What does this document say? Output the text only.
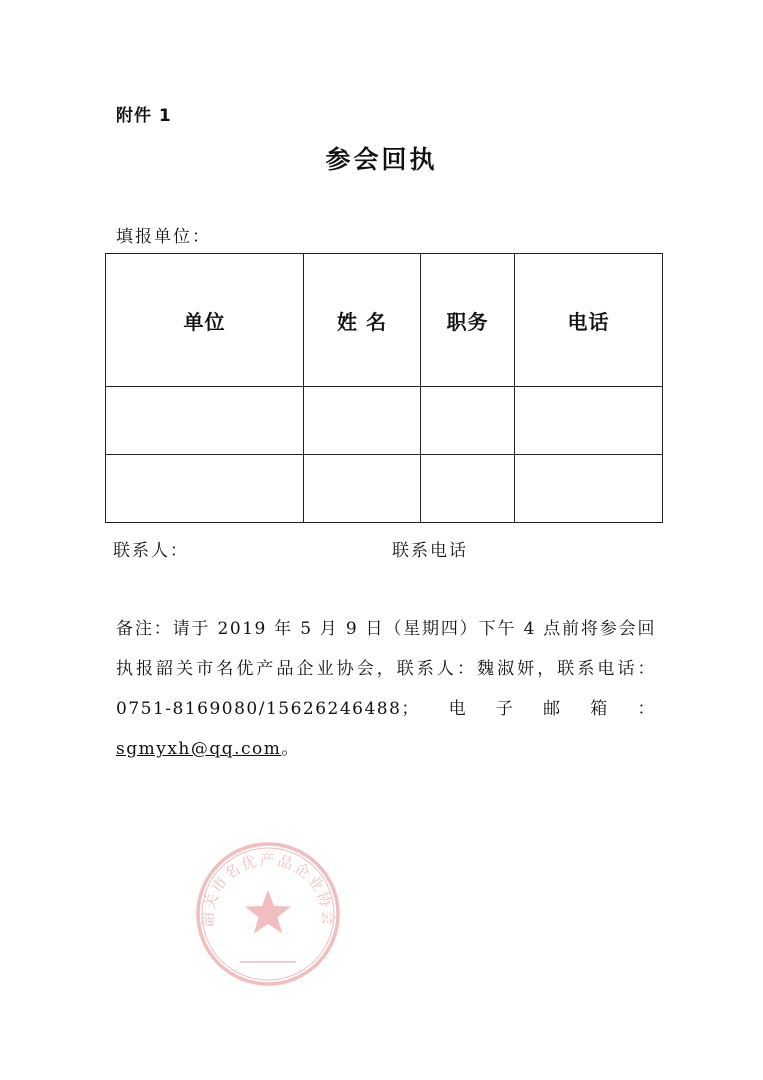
附件 1
参会回执
填报单位：
单位	姓 名	职务	电话

联系人：	联系电话
备注：请于 2019 年 5 月 9 日（星期四）下午 4 点前将参会回执报韶关市名优产品企业协会，联系人：魏淑妍，联系电话：0751-8169080/15626246488；电子邮箱：sgmyxh@qq.com。
韶关市名优产品企业协会
